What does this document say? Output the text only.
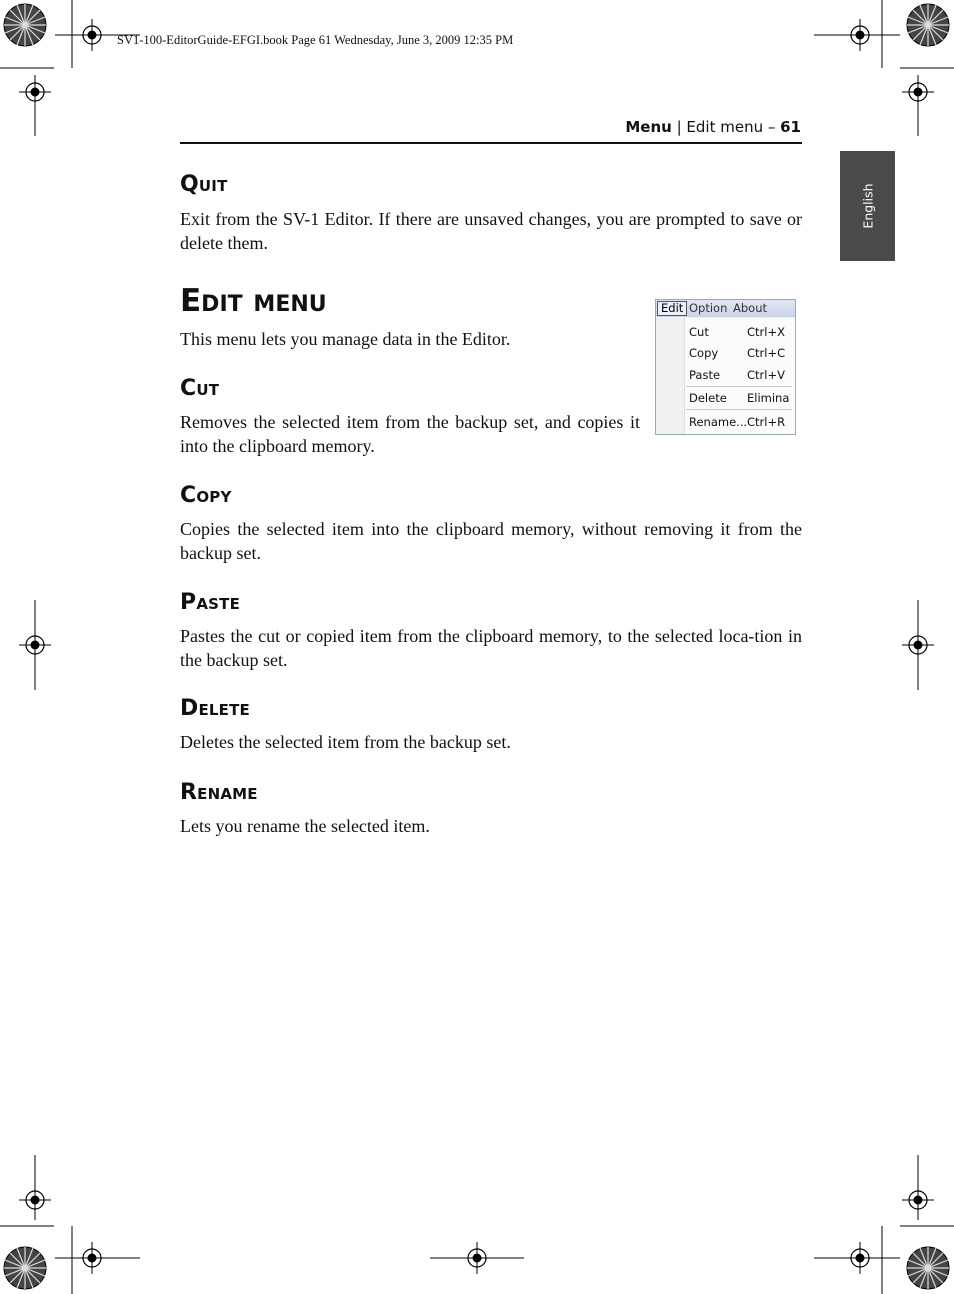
SV1-100-EditorGuide-EFGI.book Page 61 Wednesday, June 3, 2009 12:35 PM
Menu | Edit menu – 61
English
Quit

Exit from the SV-1 Editor. If there are unsaved changes, you are prompted to save or delete them.

Edit menu

This menu lets you manage data in the Editor.

Cut

Removes the selected item from the backup set, and copies it into the clipboard memory.

Copy

Copies the selected item into the clipboard memory, without removing it from the backup set.

Paste

Pastes the cut or copied item from the clipboard memory, to the selected loca-tion in the backup set.

Delete

Deletes the selected item from the backup set.

Rename

Lets you rename the selected item.

Edit Option About
Cut	Ctrl+X
Copy	Ctrl+C
Paste Ctrl+V
Delete Elimina
Rename... Ctrl+R
